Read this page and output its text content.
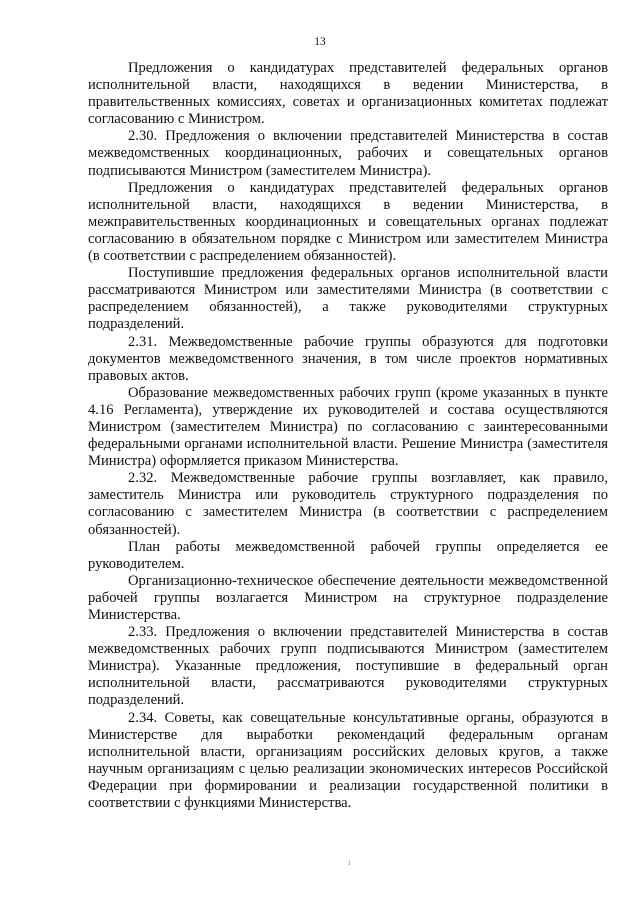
13

Предложения о кандидатурах представителей федеральных органов исполнительной власти, находящихся в ведении Министерства, в правительственных комиссиях, советах и организационных комитетах подлежат согласованию с Министром.

2.30. Предложения о включении представителей Министерства в состав межведомственных координационных, рабочих и совещательных органов подписываются Министром (заместителем Министра).

Предложения о кандидатурах представителей федеральных органов исполнительной власти, находящихся в ведении Министерства, в межправительственных координационных и совещательных органах подлежат согласованию в обязательном порядке с Министром или заместителем Министра (в соответствии с распределением обязанностей).

Поступившие предложения федеральных органов исполнительной власти рассматриваются Министром или заместителями Министра (в соответствии с распределением обязанностей), а также руководителями структурных подразделений.

2.31. Межведомственные рабочие группы образуются для подготовки документов межведомственного значения, в том числе проектов нормативных правовых актов.

Образование межведомственных рабочих групп (кроме указанных в пункте 4.16 Регламента), утверждение их руководителей и состава осуществляются Министром (заместителем Министра) по согласованию с заинтересованными федеральными органами исполнительной власти. Решение Министра (заместителя Министра) оформляется приказом Министерства.

2.32. Межведомственные рабочие группы возглавляет, как правило, заместитель Министра или руководитель структурного подразделения по согласованию с заместителем Министра (в соответствии с распределением обязанностей).

План работы межведомственной рабочей группы определяется ее руководителем.

Организационно-техническое обеспечение деятельности межведомственной рабочей группы возлагается Министром на структурное подразделение Министерства.

2.33. Предложения о включении представителей Министерства в состав межведомственных рабочих групп подписываются Министром (заместителем Министра). Указанные предложения, поступившие в федеральный орган исполнительной власти, рассматриваются руководителями структурных подразделений.

2.34. Советы, как совещательные консультативные органы, образуются в Министерстве для выработки рекомендаций федеральным органам исполнительной власти, организациям российских деловых кругов, а также научным организациям с целью реализации экономических интересов Российской Федерации при формировании и реализации государственной политики в соответствии с функциями Министерства.

ı
